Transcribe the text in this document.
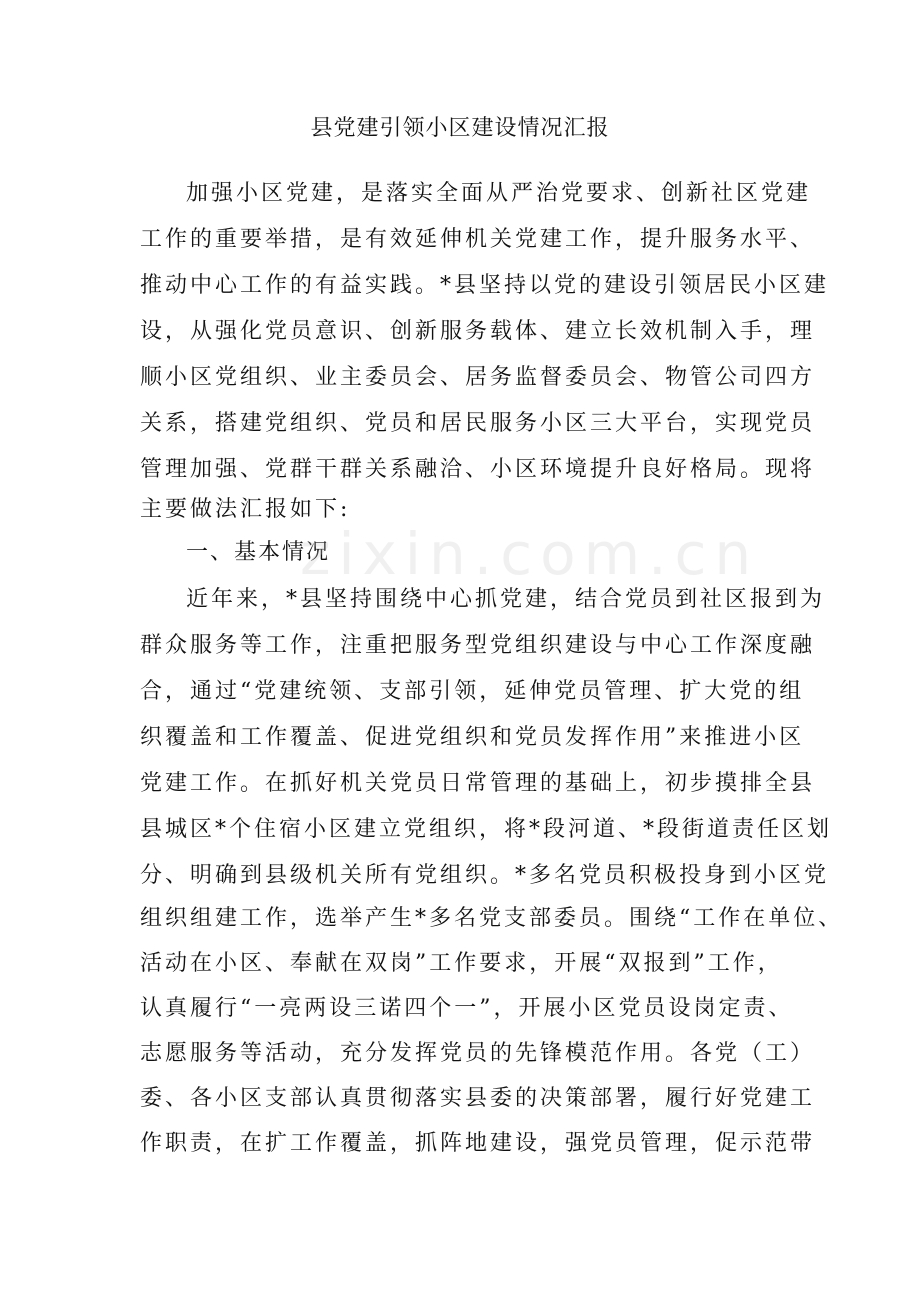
县党建引领小区建设情况汇报
加强小区党建，是落实全面从严治党要求、创新社区党建
工作的重要举措，是有效延伸机关党建工作，提升服务水平、
推动中心工作的有益实践。*县坚持以党的建设引领居民小区建
设，从强化党员意识、创新服务载体、建立长效机制入手，理
顺小区党组织、业主委员会、居务监督委员会、物管公司四方
关系，搭建党组织、党员和居民服务小区三大平台，实现党员
管理加强、党群干群关系融洽、小区环境提升良好格局。现将
主要做法汇报如下:
一、基本情况
近年来，*县坚持围绕中心抓党建，结合党员到社区报到为
群众服务等工作，注重把服务型党组织建设与中心工作深度融
合，通过“党建统领、支部引领，延伸党员管理、扩大党的组
织覆盖和工作覆盖、促进党组织和党员发挥作用”来推进小区
党建工作。在抓好机关党员日常管理的基础上，初步摸排全县
县城区*个住宿小区建立党组织，将*段河道、*段街道责任区划
分、明确到县级机关所有党组织。*多名党员积极投身到小区党
组织组建工作，选举产生*多名党支部委员。围绕“工作在单位、
活动在小区、奉献在双岗”工作要求，开展“双报到”工作，
认真履行“一亮两设三诺四个一”，开展小区党员设岗定责、
志愿服务等活动，充分发挥党员的先锋模范作用。各党（工）
委、各小区支部认真贯彻落实县委的决策部署，履行好党建工
作职责，在扩工作覆盖，抓阵地建设，强党员管理，促示范带
zixin.com.cn
